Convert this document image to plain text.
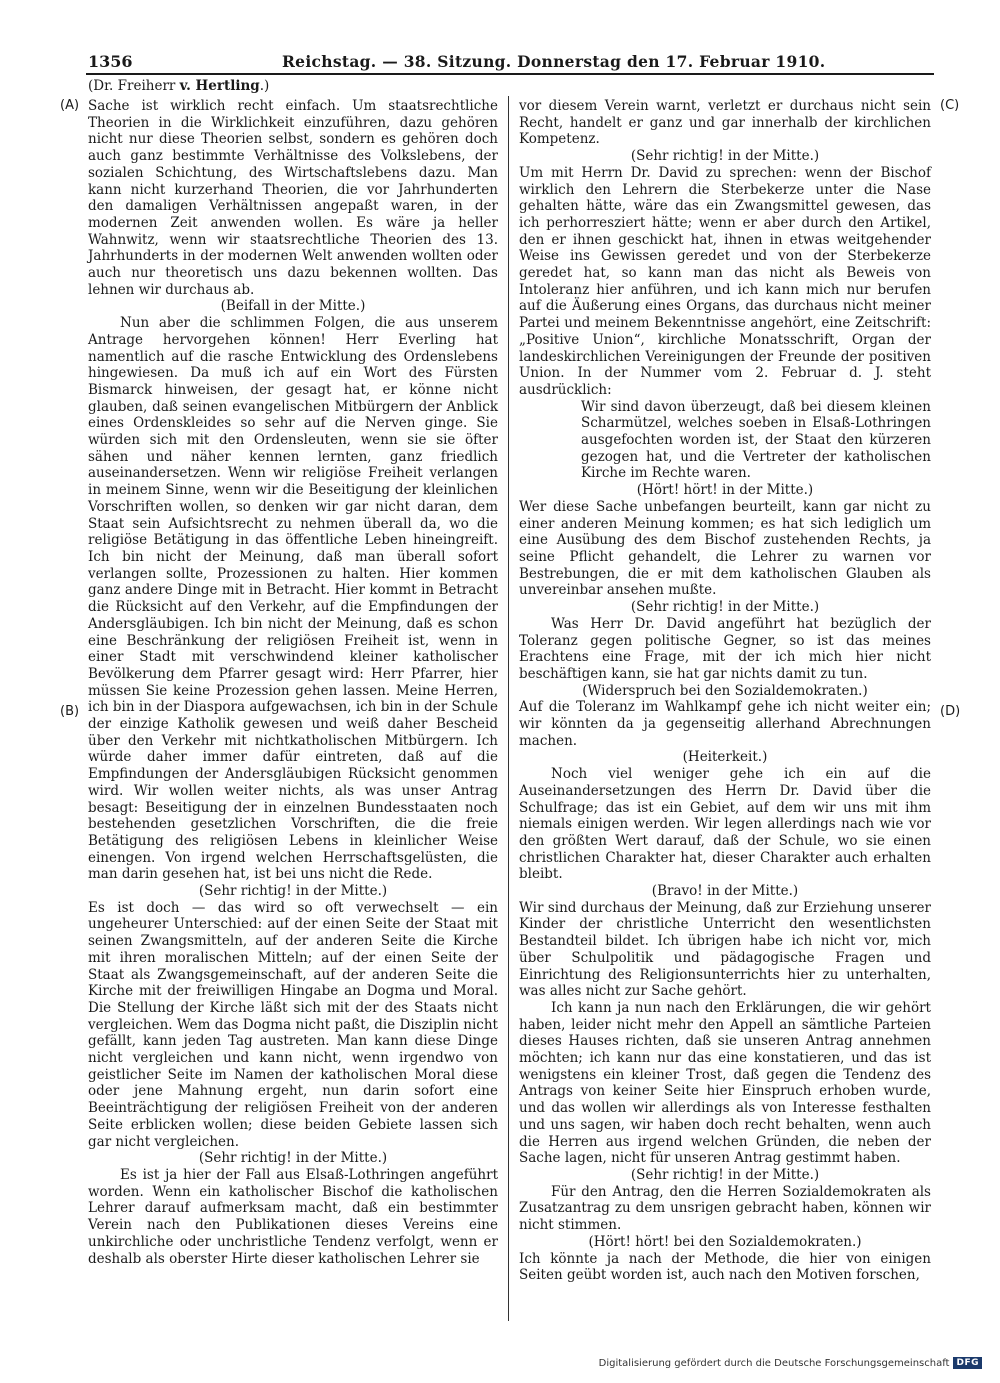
1356	Reichstag. — 38. Sitzung. Donnerstag den 17. Februar 1910.
(Dr. Freiherr v. Hertling.)
(A)
(B)
(C)
(D)

Sache ist wirklich recht einfach. Um staatsrechtliche Theorien in die Wirklichkeit einzuführen, dazu gehören nicht nur diese Theorien selbst, sondern es gehören doch auch ganz bestimmte Verhältnisse des Volkslebens, der sozialen Schichtung, des Wirtschaftslebens dazu. Man kann nicht kurzerhand Theorien, die vor Jahrhunderten den damaligen Verhältnissen angepaßt waren, in der modernen Zeit anwenden wollen. Es wäre ja heller Wahnwitz, wenn wir staatsrechtliche Theorien des 13. Jahrhunderts in der modernen Welt anwenden wollten oder auch nur theoretisch uns dazu bekennen wollten. Das lehnen wir durchaus ab.

(Beifall in der Mitte.)

Nun aber die schlimmen Folgen, die aus unserem Antrage hervorgehen können! Herr Everling hat namentlich auf die rasche Entwicklung des Ordenslebens hingewiesen. Da muß ich auf ein Wort des Fürsten Bismarck hinweisen, der gesagt hat, er könne nicht glauben, daß seinen evangelischen Mitbürgern der Anblick eines Ordenskleides so sehr auf die Nerven ginge. Sie würden sich mit den Ordensleuten, wenn sie sie öfter sähen und näher kennen lernten, ganz friedlich auseinandersetzen. Wenn wir religiöse Freiheit verlangen in meinem Sinne, wenn wir die Beseitigung der kleinlichen Vorschriften wollen, so denken wir gar nicht daran, dem Staat sein Aufsichtsrecht zu nehmen überall da, wo die religiöse Betätigung in das öffentliche Leben hineingreift. Ich bin nicht der Meinung, daß man überall sofort verlangen sollte, Prozessionen zu halten. Hier kommen ganz andere Dinge mit in Betracht. Hier kommt in Betracht die Rücksicht auf den Verkehr, auf die Empfindungen der Andersgläubigen. Ich bin nicht der Meinung, daß es schon eine Beschränkung der religiösen Freiheit ist, wenn in einer Stadt mit verschwindend kleiner katholischer Bevölkerung dem Pfarrer gesagt wird: Herr Pfarrer, hier müssen Sie keine Prozession gehen lassen. Meine Herren, ich bin in der Diaspora aufgewachsen, ich bin in der Schule der einzige Katholik gewesen und weiß daher Bescheid über den Verkehr mit nichtkatholischen Mitbürgern. Ich würde daher immer dafür eintreten, daß auf die Empfindungen der Andersgläubigen Rücksicht genommen wird. Wir wollen weiter nichts, als was unser Antrag besagt: Beseitigung der in einzelnen Bundesstaaten noch bestehenden gesetzlichen Vorschriften, die die freie Betätigung des religiösen Lebens in kleinlicher Weise einengen. Von irgend welchen Herrschaftsgelüsten, die man darin gesehen hat, ist bei uns nicht die Rede.

(Sehr richtig! in der Mitte.)

Es ist doch — das wird so oft verwechselt — ein ungeheurer Unterschied: auf der einen Seite der Staat mit seinen Zwangsmitteln, auf der anderen Seite die Kirche mit ihren moralischen Mitteln; auf der einen Seite der Staat als Zwangsgemeinschaft, auf der anderen Seite die Kirche mit der freiwilligen Hingabe an Dogma und Moral. Die Stellung der Kirche läßt sich mit der des Staats nicht vergleichen. Wem das Dogma nicht paßt, die Disziplin nicht gefällt, kann jeden Tag austreten. Man kann diese Dinge nicht vergleichen und kann nicht, wenn irgendwo von geistlicher Seite im Namen der katholischen Moral diese oder jene Mahnung ergeht, nun darin sofort eine Beeinträchtigung der religiösen Freiheit von der anderen Seite erblicken wollen; diese beiden Gebiete lassen sich gar nicht vergleichen.

(Sehr richtig! in der Mitte.)

Es ist ja hier der Fall aus Elsaß-Lothringen angeführt worden. Wenn ein katholischer Bischof die katholischen Lehrer darauf aufmerksam macht, daß ein bestimmter Verein nach den Publikationen dieses Vereins eine unkirchliche oder unchristliche Tendenz verfolgt, wenn er deshalb als oberster Hirte dieser katholischen Lehrer sie

vor diesem Verein warnt, verletzt er durchaus nicht sein Recht, handelt er ganz und gar innerhalb der kirchlichen Kompetenz.

(Sehr richtig! in der Mitte.)

Um mit Herrn Dr. David zu sprechen: wenn der Bischof wirklich den Lehrern die Sterbekerze unter die Nase gehalten hätte, wäre das ein Zwangsmittel gewesen, das ich perhorresziert hätte; wenn er aber durch den Artikel, den er ihnen geschickt hat, ihnen in etwas weitgehender Weise ins Gewissen geredet und von der Sterbekerze geredet hat, so kann man das nicht als Beweis von Intoleranz hier anführen, und ich kann mich nur berufen auf die Äußerung eines Organs, das durchaus nicht meiner Partei und meinem Bekenntnisse angehört, eine Zeitschrift: „Positive Union“, kirchliche Monatsschrift, Organ der landeskirchlichen Vereinigungen der Freunde der positiven Union. In der Nummer vom 2. Februar d. J. steht ausdrücklich:

Wir sind davon überzeugt, daß bei diesem kleinen Scharmützel, welches soeben in Elsaß-Lothringen ausgefochten worden ist, der Staat den kürzeren gezogen hat, und die Vertreter der katholischen Kirche im Rechte waren.

(Hört! hört! in der Mitte.)

Wer diese Sache unbefangen beurteilt, kann gar nicht zu einer anderen Meinung kommen; es hat sich lediglich um eine Ausübung des dem Bischof zustehenden Rechts, ja seine Pflicht gehandelt, die Lehrer zu warnen vor Bestrebungen, die er mit dem katholischen Glauben als unvereinbar ansehen mußte.

(Sehr richtig! in der Mitte.)

Was Herr Dr. David angeführt hat bezüglich der Toleranz gegen politische Gegner, so ist das meines Erachtens eine Frage, mit der ich mich hier nicht beschäftigen kann, sie hat gar nichts damit zu tun.

(Widerspruch bei den Sozialdemokraten.)

Auf die Toleranz im Wahlkampf gehe ich nicht weiter ein; wir könnten da ja gegenseitig allerhand Abrechnungen machen.

(Heiterkeit.)

Noch viel weniger gehe ich ein auf die Auseinandersetzungen des Herrn Dr. David über die Schulfrage; das ist ein Gebiet, auf dem wir uns mit ihm niemals einigen werden. Wir legen allerdings nach wie vor den größten Wert darauf, daß der Schule, wo sie einen christlichen Charakter hat, dieser Charakter auch erhalten bleibt.

(Bravo! in der Mitte.)

Wir sind durchaus der Meinung, daß zur Erziehung unserer Kinder der christliche Unterricht den wesentlichsten Bestandteil bildet. Ich übrigen habe ich nicht vor, mich über Schulpolitik und pädagogische Fragen und Einrichtung des Religionsunterrichts hier zu unterhalten, was alles nicht zur Sache gehört.

Ich kann ja nun nach den Erklärungen, die wir gehört haben, leider nicht mehr den Appell an sämtliche Parteien dieses Hauses richten, daß sie unseren Antrag annehmen möchten; ich kann nur das eine konstatieren, und das ist wenigstens ein kleiner Trost, daß gegen die Tendenz des Antrags von keiner Seite hier Einspruch erhoben wurde, und das wollen wir allerdings als von Interesse festhalten und uns sagen, wir haben doch recht behalten, wenn auch die Herren aus irgend welchen Gründen, die neben der Sache lagen, nicht für unseren Antrag gestimmt haben.

(Sehr richtig! in der Mitte.)

Für den Antrag, den die Herren Sozialdemokraten als Zusatzantrag zu dem unsrigen gebracht haben, können wir nicht stimmen.

(Hört! hört! bei den Sozialdemokraten.)

Ich könnte ja nach der Methode, die hier von einigen Seiten geübt worden ist, auch nach den Motiven forschen,

Digitalisierung gefördert durch die Deutsche Forschungsgemeinschaft DFG
